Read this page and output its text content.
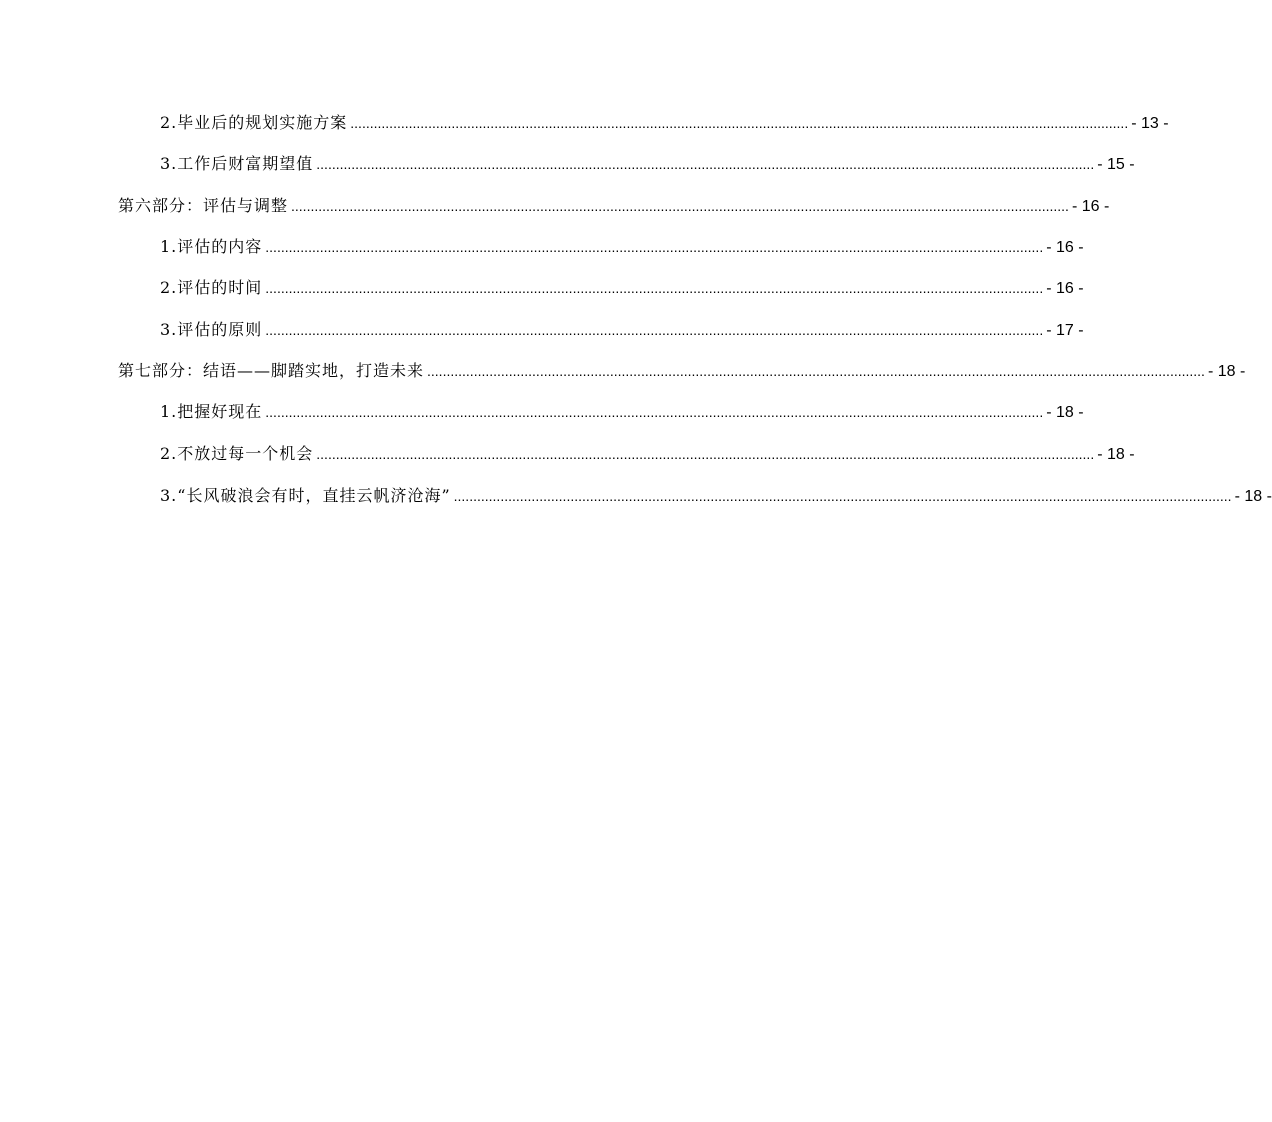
2.毕业后的规划实施方案 ........................................................................................................................................................................................................ - 13 -
3.工作后财富期望值 ........................................................................................................................................................................................................ - 15 -
第六部分：评估与调整 ........................................................................................................................................................................................................ - 16 -
1.评估的内容 ........................................................................................................................................................................................................ - 16 -
2.评估的时间 ........................................................................................................................................................................................................ - 16 -
3.评估的原则 ........................................................................................................................................................................................................ - 17 -
第七部分：结语——脚踏实地，打造未来 ........................................................................................................................................................................................................ - 18 -
1.把握好现在 ........................................................................................................................................................................................................ - 18 -
2.不放过每一个机会 ........................................................................................................................................................................................................ - 18 -
3.“长风破浪会有时，直挂云帆济沧海” ........................................................................................................................................................................................................ - 18 -
